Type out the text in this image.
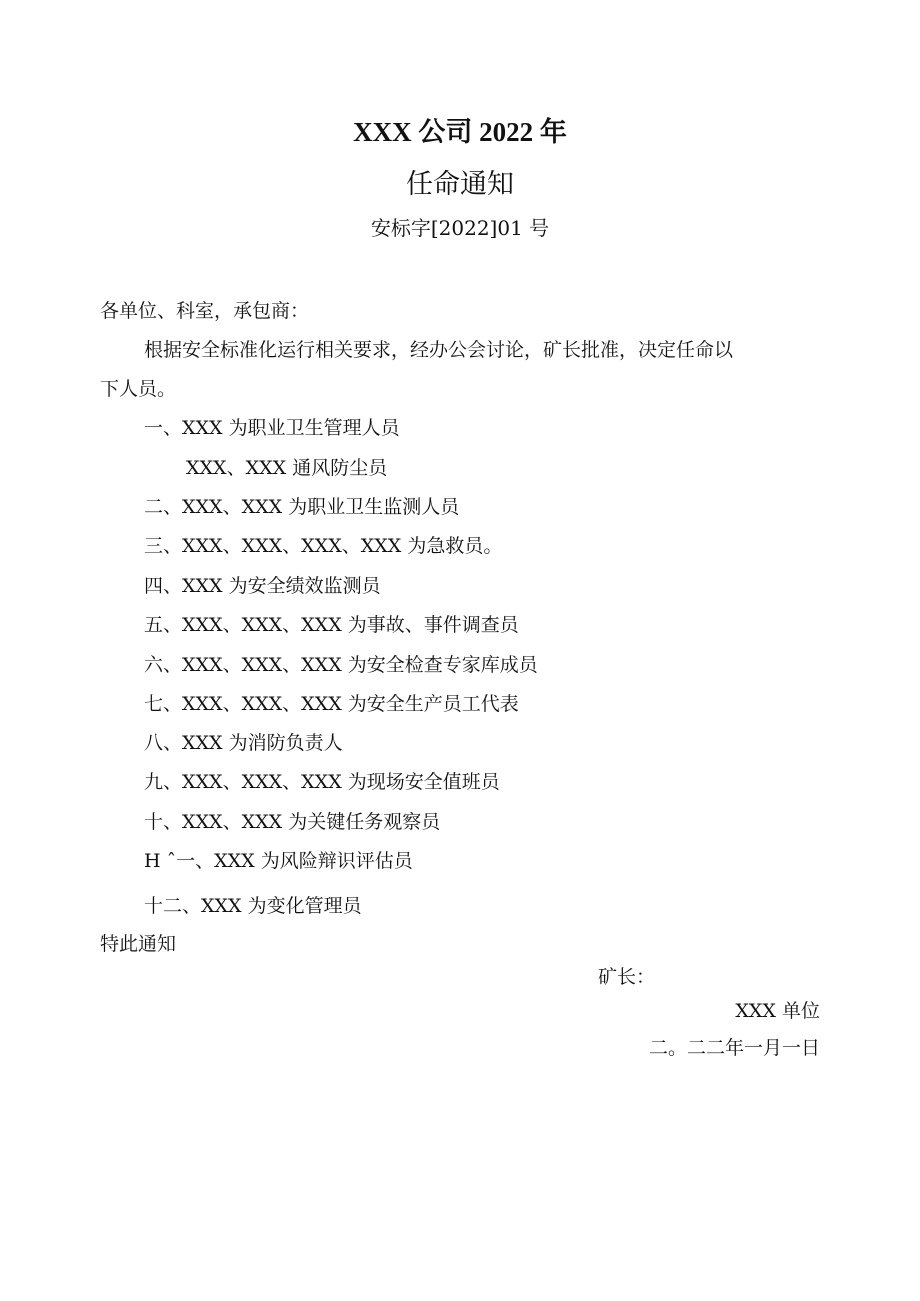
XXX 公司 2022 年
任命通知
安标字[2022]01 号
各单位、科室，承包商：
根据安全标准化运行相关要求，经办公会讨论，矿长批准，决定任命以
下人员。
一、XXX 为职业卫生管理人员
XXX、XXX 通风防尘员
二、XXX、XXX 为职业卫生监测人员
三、XXX、XXX、XXX、XXX 为急救员。
四、XXX 为安全绩效监测员
五、XXX、XXX、XXX 为事故、事件调查员
六、XXX、XXX、XXX 为安全检查专家库成员
七、XXX、XXX、XXX 为安全生产员工代表
八、XXX 为消防负责人
九、XXX、XXX、XXX 为现场安全值班员
十、XXX、XXX 为关键任务观察员
H ˆ一、XXX 为风险辩识评估员
十二、XXX 为变化管理员
特此通知
矿长：
XXX 单位
二。二二年一月一日
